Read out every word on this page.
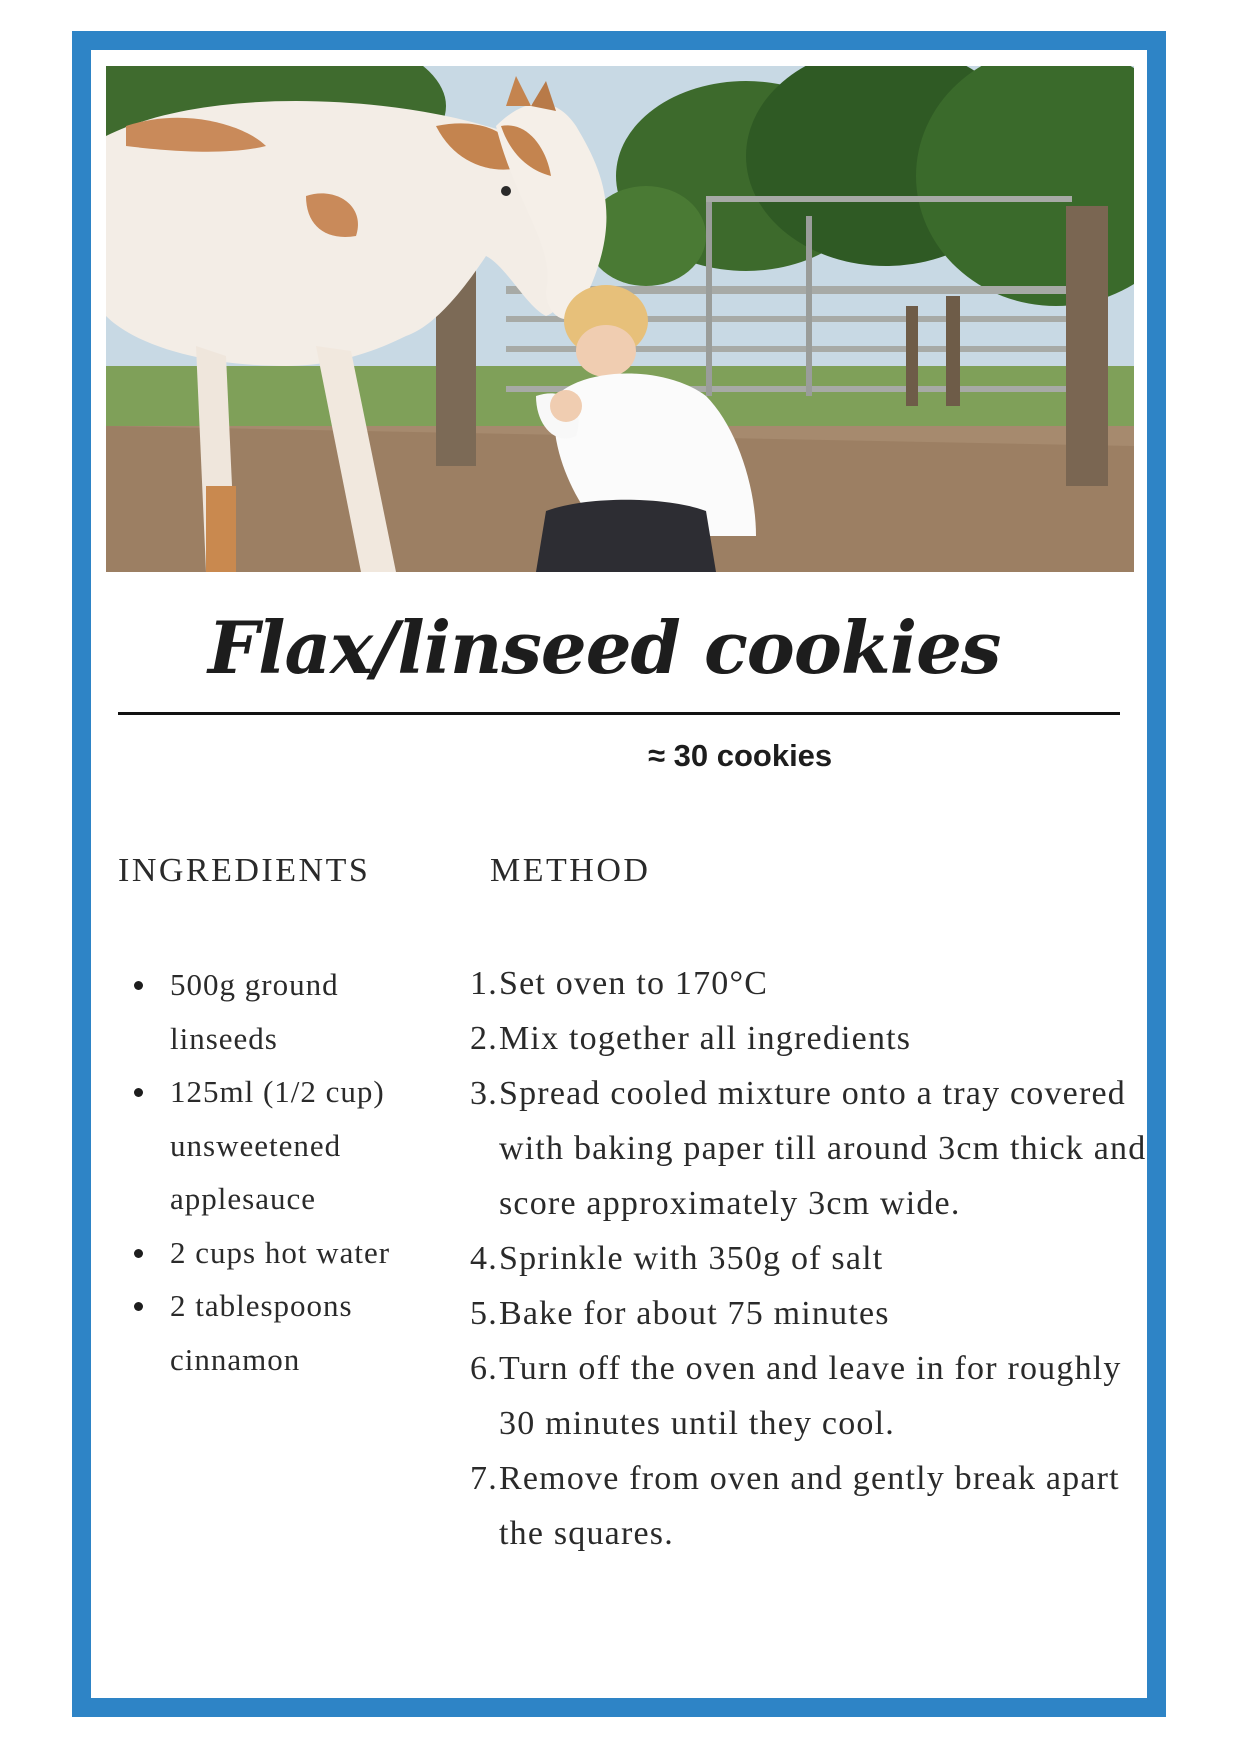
Flax/linseed cookies
≈ 30 cookies
INGREDIENTS	METHOD
500g ground linseeds
125ml (1/2 cup) unsweetened applesauce
2 cups hot water
2 tablespoons cinnamon
1. Set oven to 170°C
2. Mix together all ingredients
3. Spread cooled mixture onto a tray covered with baking paper till around 3cm thick and score approximately 3cm wide.
4. Sprinkle with 350g of salt
5. Bake for about 75 minutes
6. Turn off the oven and leave in for roughly 30 minutes until they cool.
7. Remove from oven and gently break apart the squares.
